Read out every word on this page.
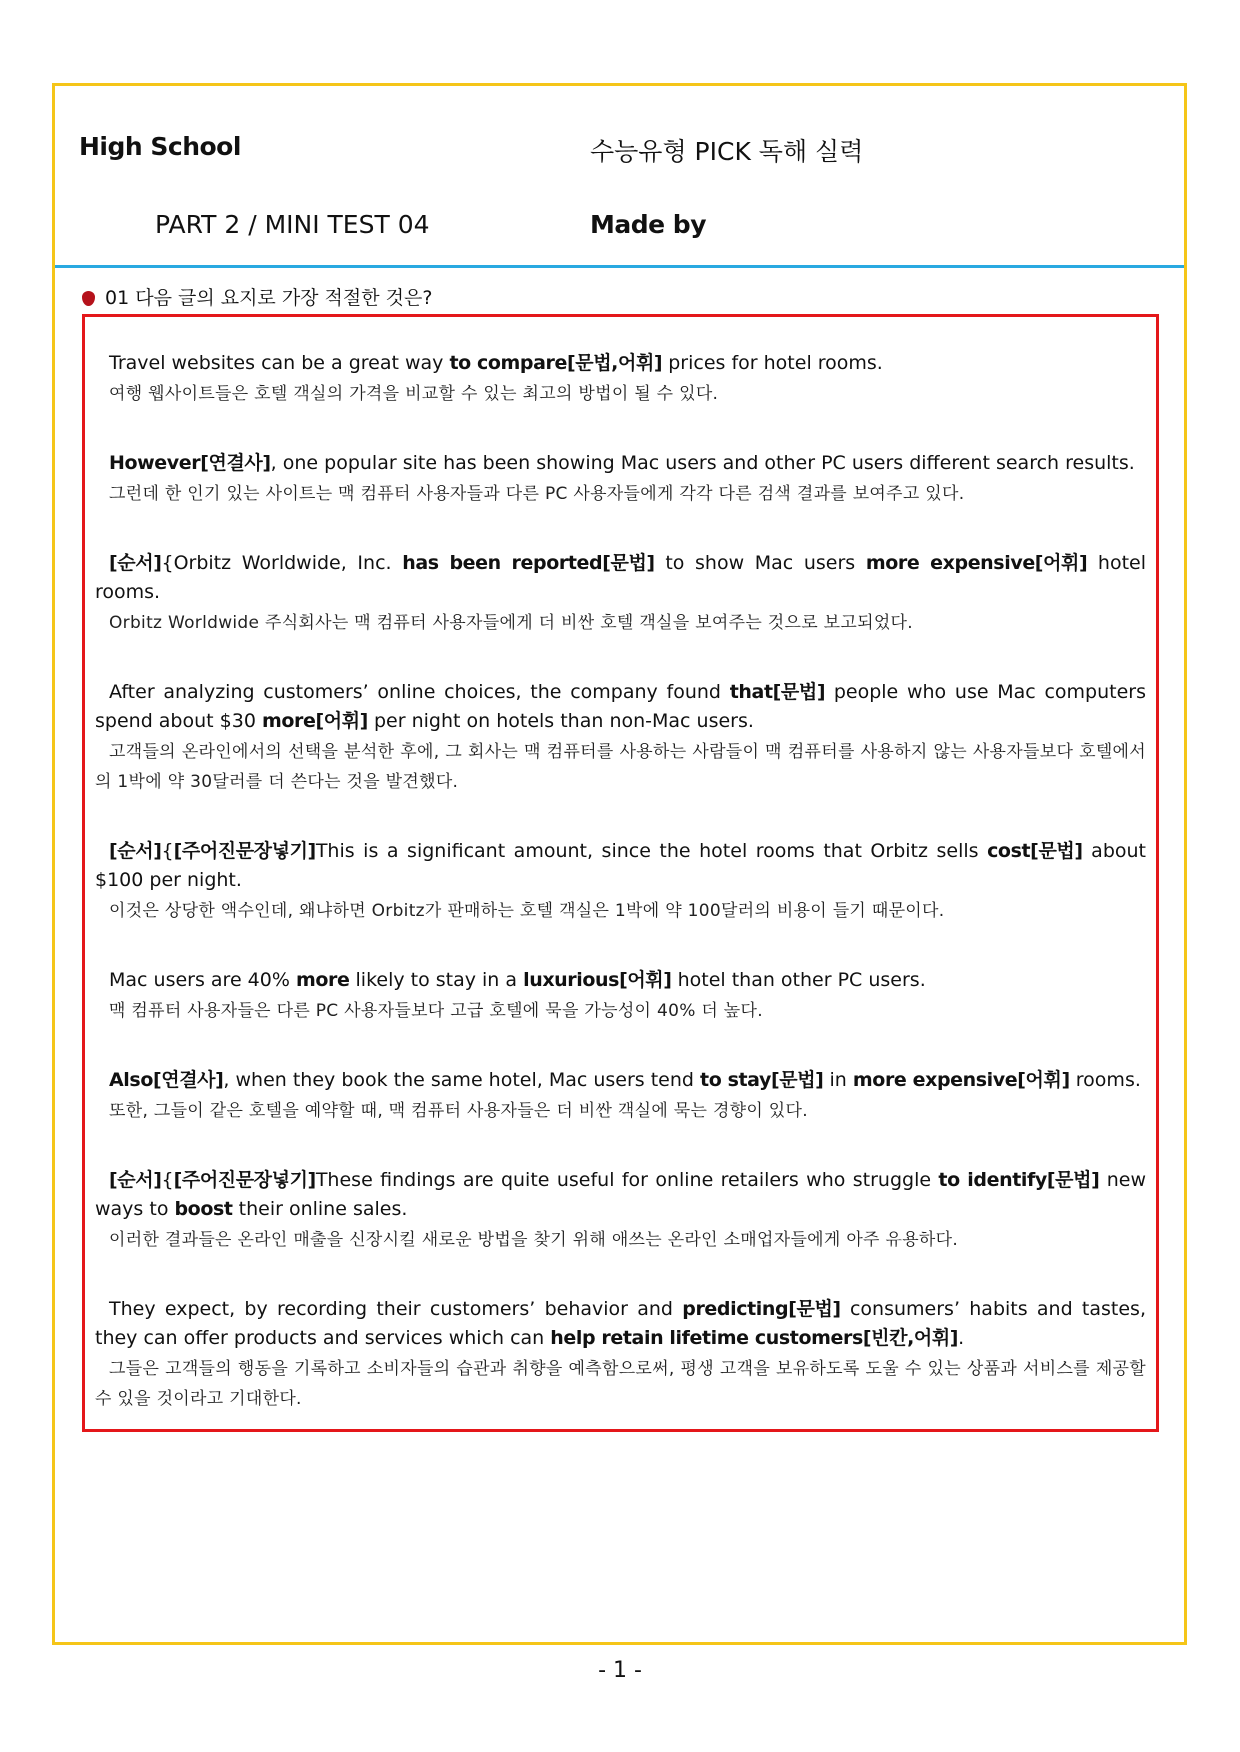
High School	수능유형 PICK 독해 실력
PART 2 / MINI TEST 04	Made by
01 다음 글의 요지로 가장 적절한 것은?
Travel websites can be a great way to compare[문법,어휘] prices for hotel rooms.
여행 웹사이트들은 호텔 객실의 가격을 비교할 수 있는 최고의 방법이 될 수 있다.
However[연결사], one popular site has been showing Mac users and other PC users different search results.
그런데 한 인기 있는 사이트는 맥 컴퓨터 사용자들과 다른 PC 사용자들에게 각각 다른 검색 결과를 보여주고 있다.
[순서]{Orbitz Worldwide, Inc. has been reported[문법] to show Mac users more expensive[어휘] hotel rooms.
Orbitz Worldwide 주식회사는 맥 컴퓨터 사용자들에게 더 비싼 호텔 객실을 보여주는 것으로 보고되었다.
After analyzing customers’ online choices, the company found that[문법] people who use Mac computers spend about $30 more[어휘] per night on hotels than non-Mac users.
고객들의 온라인에서의 선택을 분석한 후에, 그 회사는 맥 컴퓨터를 사용하는 사람들이 맥 컴퓨터를 사용하지 않는 사용자들보다 호텔에서의 1박에 약 30달러를 더 쓴다는 것을 발견했다.
[순서]{[주어진문장넣기]This is a significant amount, since the hotel rooms that Orbitz sells cost[문법] about $100 per night.
이것은 상당한 액수인데, 왜냐하면 Orbitz가 판매하는 호텔 객실은 1박에 약 100달러의 비용이 들기 때문이다.
Mac users are 40% more likely to stay in a luxurious[어휘] hotel than other PC users.
맥 컴퓨터 사용자들은 다른 PC 사용자들보다 고급 호텔에 묵을 가능성이 40% 더 높다.
Also[연결사], when they book the same hotel, Mac users tend to stay[문법] in more expensive[어휘] rooms.
또한, 그들이 같은 호텔을 예약할 때, 맥 컴퓨터 사용자들은 더 비싼 객실에 묵는 경향이 있다.
[순서]{[주어진문장넣기]These findings are quite useful for online retailers who struggle to identify[문법] new ways to boost their online sales.
이러한 결과들은 온라인 매출을 신장시킬 새로운 방법을 찾기 위해 애쓰는 온라인 소매업자들에게 아주 유용하다.
They expect, by recording their customers’ behavior and predicting[문법] consumers’ habits and tastes, they can offer products and services which can help retain lifetime customers[빈칸,어휘].
그들은 고객들의 행동을 기록하고 소비자들의 습관과 취향을 예측함으로써, 평생 고객을 보유하도록 도울 수 있는 상품과 서비스를 제공할 수 있을 것이라고 기대한다.
- 1 -
